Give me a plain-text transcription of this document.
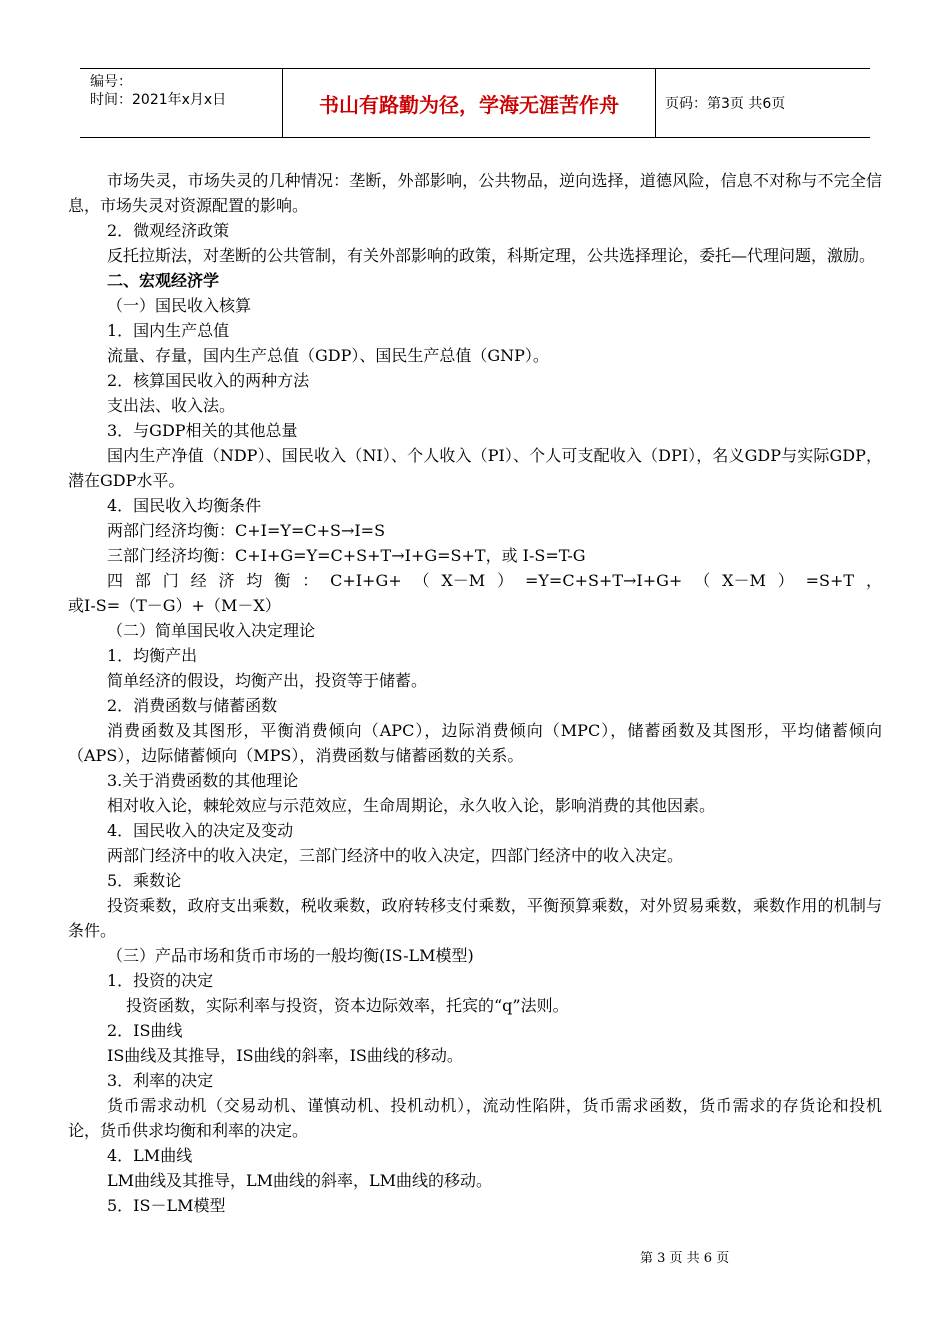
编号：
时间：2021年x月x日	书山有路勤为径，学海无涯苦作舟	页码：第3页 共6页

市场失灵，市场失灵的几种情况：垄断，外部影响，公共物品，逆向选择，道德风险，信息不对称与不完全信息，市场失灵对资源配置的影响。

2．微观经济政策

反托拉斯法，对垄断的公共管制，有关外部影响的政策，科斯定理，公共选择理论，委托—代理问题，激励。

二、宏观经济学

（一）国民收入核算

1．国内生产总值

流量、存量，国内生产总值（GDP）、国民生产总值（GNP）。

2．核算国民收入的两种方法

支出法、收入法。

3．与GDP相关的其他总量

国内生产净值（NDP）、国民收入（NI）、个人收入（PI）、个人可支配收入（DPI），名义GDP与实际GDP，潜在GDP水平。

4．国民收入均衡条件

两部门经济均衡：C+I=Y=C+S→I=S

三部门经济均衡：C+I+G=Y=C+S+T→I+G=S+T，或 I-S=T-G

四部门经济均衡：C+I+G+（X－M）=Y=C+S+T→I+G+（X－M）=S+T，

或I-S=（T－G）+（M－X）

（二）简单国民收入决定理论

1．均衡产出

简单经济的假设，均衡产出，投资等于储蓄。

2．消费函数与储蓄函数

消费函数及其图形，平衡消费倾向（APC），边际消费倾向（MPC），储蓄函数及其图形，平均储蓄倾向（APS），边际储蓄倾向（MPS），消费函数与储蓄函数的关系。

3.关于消费函数的其他理论

相对收入论，棘轮效应与示范效应，生命周期论，永久收入论，影响消费的其他因素。

4．国民收入的决定及变动

两部门经济中的收入决定，三部门经济中的收入决定，四部门经济中的收入决定。

5．乘数论

投资乘数，政府支出乘数，税收乘数，政府转移支付乘数，平衡预算乘数，对外贸易乘数，乘数作用的机制与条件。

（三）产品市场和货币市场的一般均衡(IS-LM模型)

1．投资的决定

投资函数，实际利率与投资，资本边际效率，托宾的“q”法则。

2．IS曲线

IS曲线及其推导，IS曲线的斜率，IS曲线的移动。

3．利率的决定

货币需求动机（交易动机、谨慎动机、投机动机），流动性陷阱，货币需求函数，货币需求的存货论和投机论，货币供求均衡和利率的决定。

4．LM曲线

LM曲线及其推导，LM曲线的斜率，LM曲线的移动。

5．IS－LM模型

第 3 页 共 6 页
